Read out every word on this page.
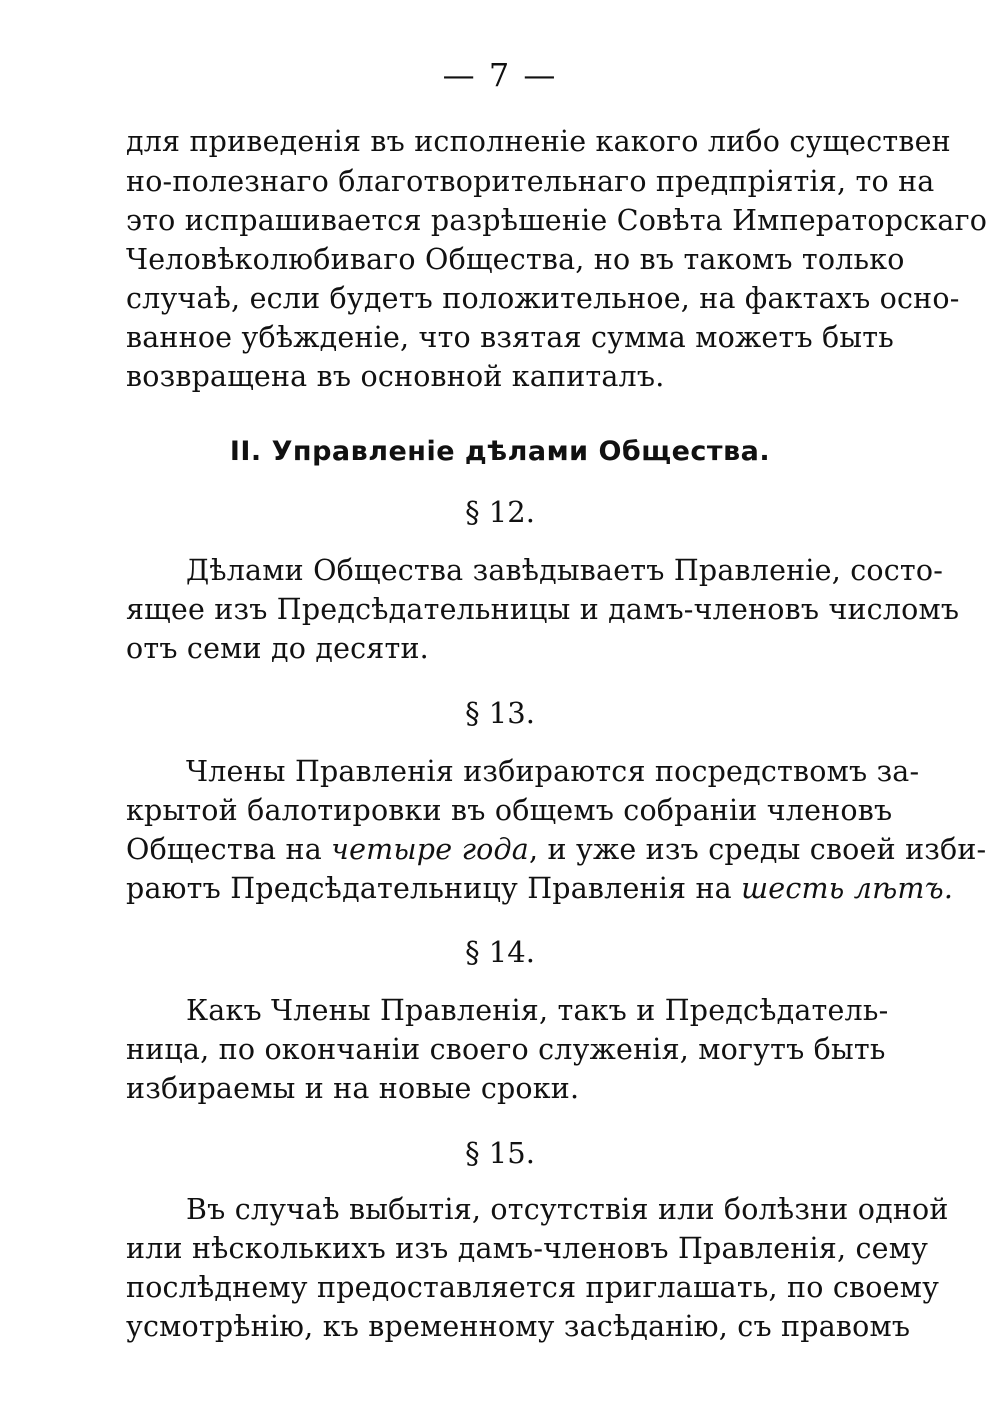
— 7 —
для приведенія въ исполненіе какого либо существен
но-полезнаго благотворительнаго предпріятія, то на
это испрашивается разрѣшеніе Совѣта Императорскаго
Человѣколюбиваго Общества, но въ такомъ только
случаѣ, если будетъ положительное, на фактахъ осно-
ванное убѣжденіе, что взятая сумма можетъ быть
возвращена въ основной капиталъ.
II. Управленіе дѣлами Общества.
§ 12.
Дѣлами Общества завѣдываетъ Правленіе, состо-
ящее изъ Предсѣдательницы и дамъ-членовъ числомъ
отъ семи до десяти.
§ 13.
Члены Правленія избираются посредствомъ за-
крытой балотировки въ общемъ собраніи членовъ
Общества на четыре года, и уже изъ среды своей изби-
раютъ Предсѣдательницу Правленія на шесть лѣтъ.
§ 14.
Какъ Члены Правленія, такъ и Предсѣдатель-
ница, по окончаніи своего служенія, могутъ быть
избираемы и на новые сроки.
§ 15.
Въ случаѣ выбытія, отсутствія или болѣзни одной
или нѣсколькихъ изъ дамъ-членовъ Правленія, сему
послѣднему предоставляется приглашать, по своему
усмотрѣнію, къ временному засѣданію, съ правомъ
